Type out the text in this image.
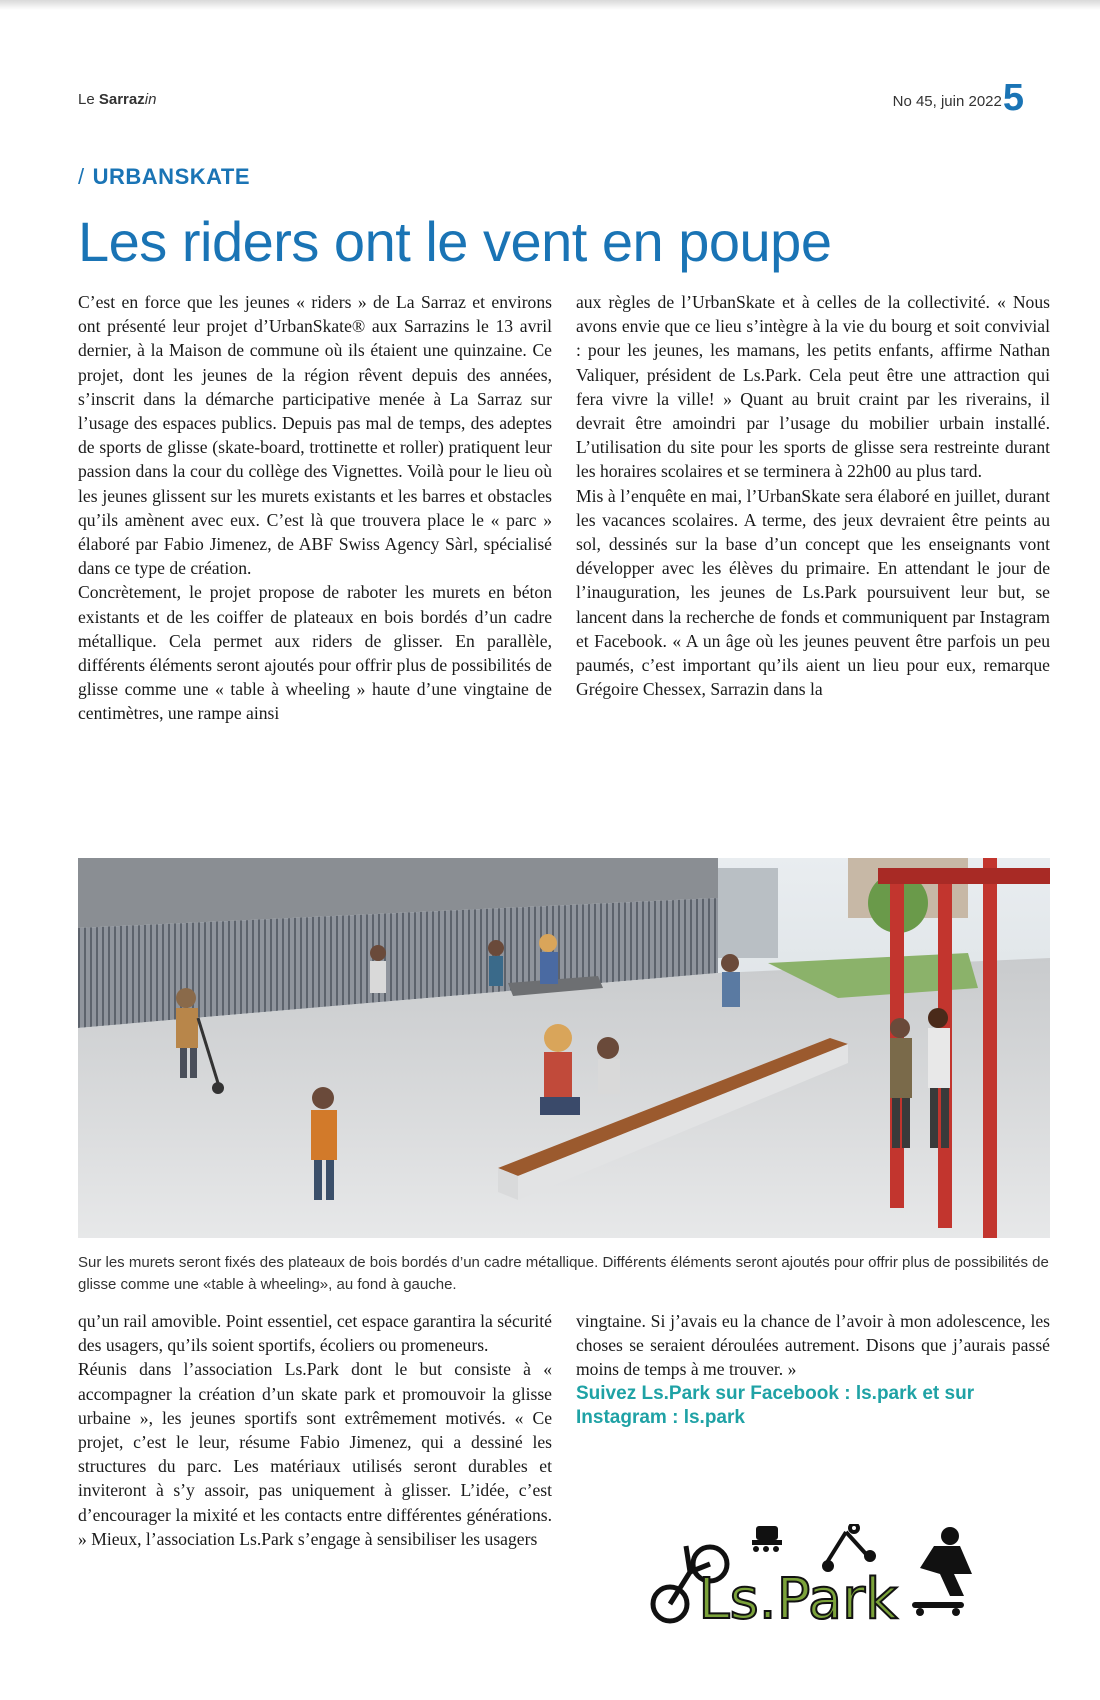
Le Sarrazin	No 45, juin 2022 5
/ URBANSKATE
Les riders ont le vent en poupe

C’est en force que les jeunes « riders » de La Sarraz et environs ont présenté leur projet d’UrbanSkate® aux Sarrazins le 13 avril dernier, à la Maison de commune où ils étaient une quinzaine. Ce projet, dont les jeunes de la région rêvent depuis des années, s’inscrit dans la démarche participative menée à La Sarraz sur l’usage des espaces publics. Depuis pas mal de temps, des adeptes de sports de glisse (skate-board, trottinette et roller) pratiquent leur passion dans la cour du collège des Vignettes. Voilà pour le lieu où les jeunes glissent sur les murets existants et les barres et obstacles qu’ils amènent avec eux. C’est là que trouvera place le « parc » élaboré par Fabio Jimenez, de ABF Swiss Agency Sàrl, spécialisé dans ce type de création.

Concrètement, le projet propose de raboter les murets en béton existants et de les coiffer de plateaux en bois bordés d’un cadre métallique. Cela permet aux riders de glisser. En parallèle, différents éléments seront ajoutés pour offrir plus de possibilités de glisse comme une « table à wheeling » haute d’une vingtaine de centimètres, une rampe ainsi

aux règles de l’UrbanSkate et à celles de la collectivité. « Nous avons envie que ce lieu s’intègre à la vie du bourg et soit convivial : pour les jeunes, les mamans, les petits enfants, affirme Nathan Valiquer, président de Ls.Park. Cela peut être une attraction qui fera vivre la ville! » Quant au bruit craint par les riverains, il devrait être amoindri par l’usage du mobilier urbain installé. L’utilisation du site pour les sports de glisse sera restreinte durant les horaires scolaires et se terminera à 22h00 au plus tard.

Mis à l’enquête en mai, l’UrbanSkate sera élaboré en juillet, durant les vacances scolaires. A terme, des jeux devraient être peints au sol, dessinés sur la base d’un concept que les enseignants vont développer avec les élèves du primaire. En attendant le jour de l’inauguration, les jeunes de Ls.Park poursuivent leur but, se lancent dans la recherche de fonds et communiquent par Instagram et Facebook. « A un âge où les jeunes peuvent être parfois un peu paumés, c’est important qu’ils aient un lieu pour eux, remarque Grégoire Chessex, Sarrazin dans la

Sur les murets seront fixés des plateaux de bois bordés d’un cadre métallique. Différents éléments seront ajoutés pour offrir plus de possibilités de glisse comme une «table à wheeling», au fond à gauche.

qu’un rail amovible. Point essentiel, cet espace garantira la sécurité des usagers, qu’ils soient sportifs, écoliers ou promeneurs.

Réunis dans l’association Ls.Park dont le but consiste à « accompagner la création d’un skate park et promouvoir la glisse urbaine », les jeunes sportifs sont extrêmement motivés. « Ce projet, c’est le leur, résume Fabio Jimenez, qui a dessiné les structures du parc. Les matériaux utilisés seront durables et inviteront à s’y assoir, pas uniquement à glisser. L’idée, c’est d’encourager la mixité et les contacts entre différentes générations. » Mieux, l’association Ls.Park s’engage à sensibiliser les usagers

vingtaine. Si j’avais eu la chance de l’avoir à mon adolescence, les choses se seraient déroulées autrement. Disons que j’aurais passé moins de temps à me trouver. »

Suivez Ls.Park sur Facebook : ls.park et sur Instagram : ls.park

Ls.Park
